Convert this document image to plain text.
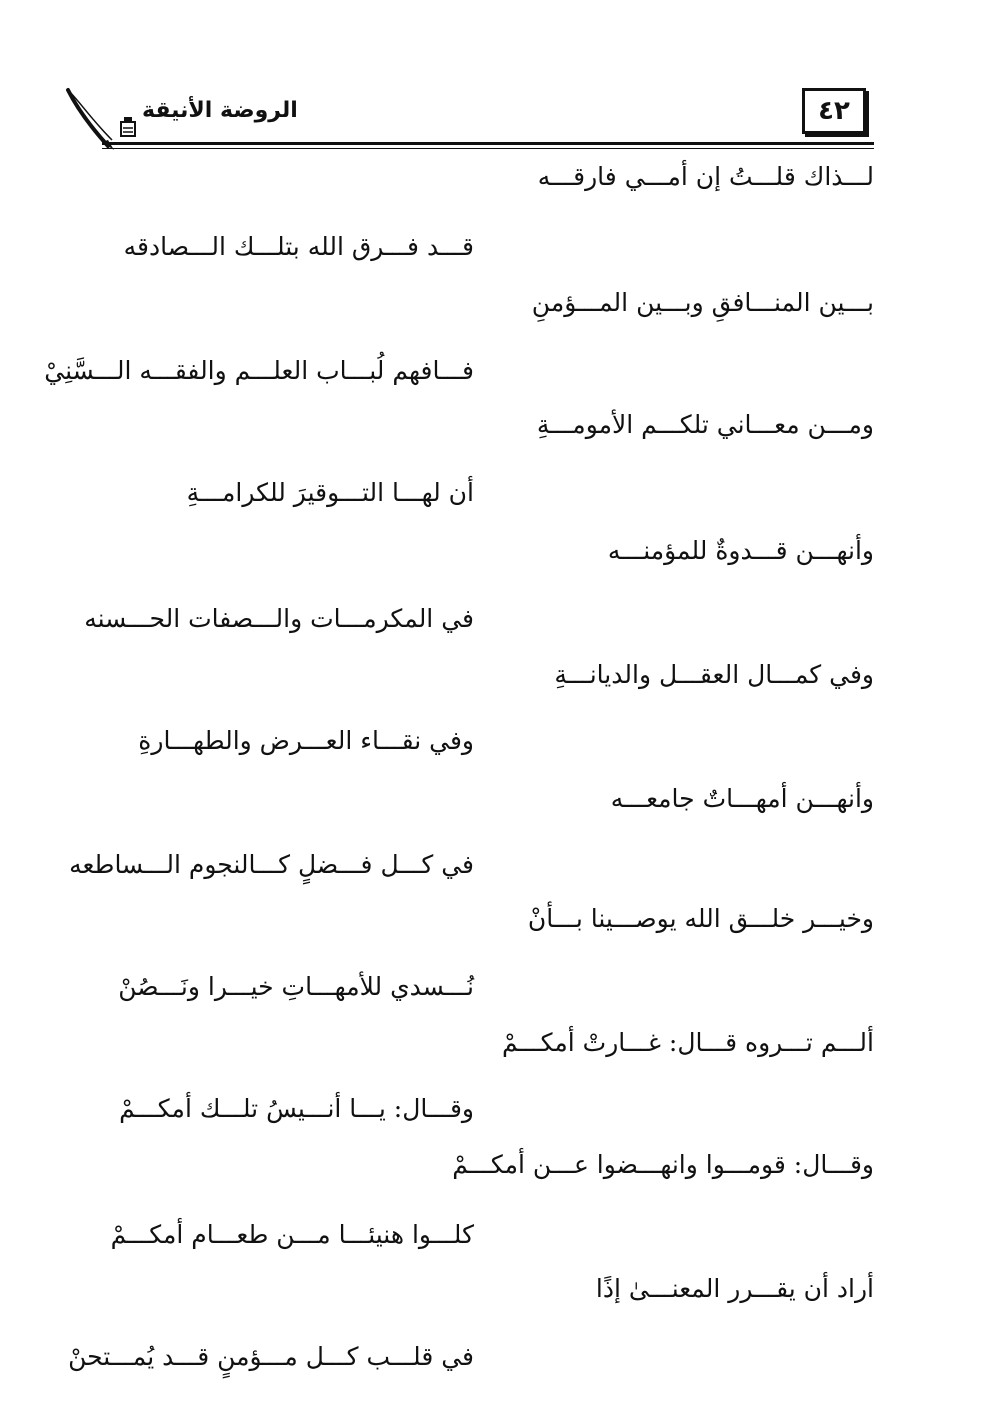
٤٢
الروضة الأنيقة
لـــذاك قلـــتُ إن أمـــي فارقـــه
قـــد فـــرق الله بتلـــك الـــصادقه
بـــين المنـــافقِ وبـــين المـــؤمنِ
فـــافهم لُبـــاب العلـــم والفقـــه الـــسَّنِيْ
ومـــن معـــاني تلكـــم الأمومـــةِ
أن لهـــا التـــوقيرَ للكرامـــةِ
وأنهـــن قـــدوةٌ للمؤمنـــه
في المكرمـــات والـــصفات الحـــسنه
وفي كمـــال العقـــل والديانـــةِ
وفي نقـــاء العـــرض والطهـــارةِ
وأنهـــن أمهـــاتٌ جامعـــه
في كـــل فـــضلٍ كـــالنجوم الـــساطعه
وخيـــر خلـــق الله يوصـــينا بـــأنْ
نُـــسدي للأمهـــاتِ خيـــرا ونَـــصُنْ
ألـــم تـــروه قـــال: غـــارتْ أمكـــمْ
وقـــال: يـــا أنـــيسُ تلـــك أمكـــمْ
وقـــال: قومـــوا وانهـــضوا عـــن أمكـــمْ
كلـــوا هنيئـــا مـــن طعـــام أمكـــمْ
أراد أن يقـــرر المعنـــىٰ إذًا
في قلـــب كـــل مـــؤمنٍ قـــد يُمـــتحنْ
